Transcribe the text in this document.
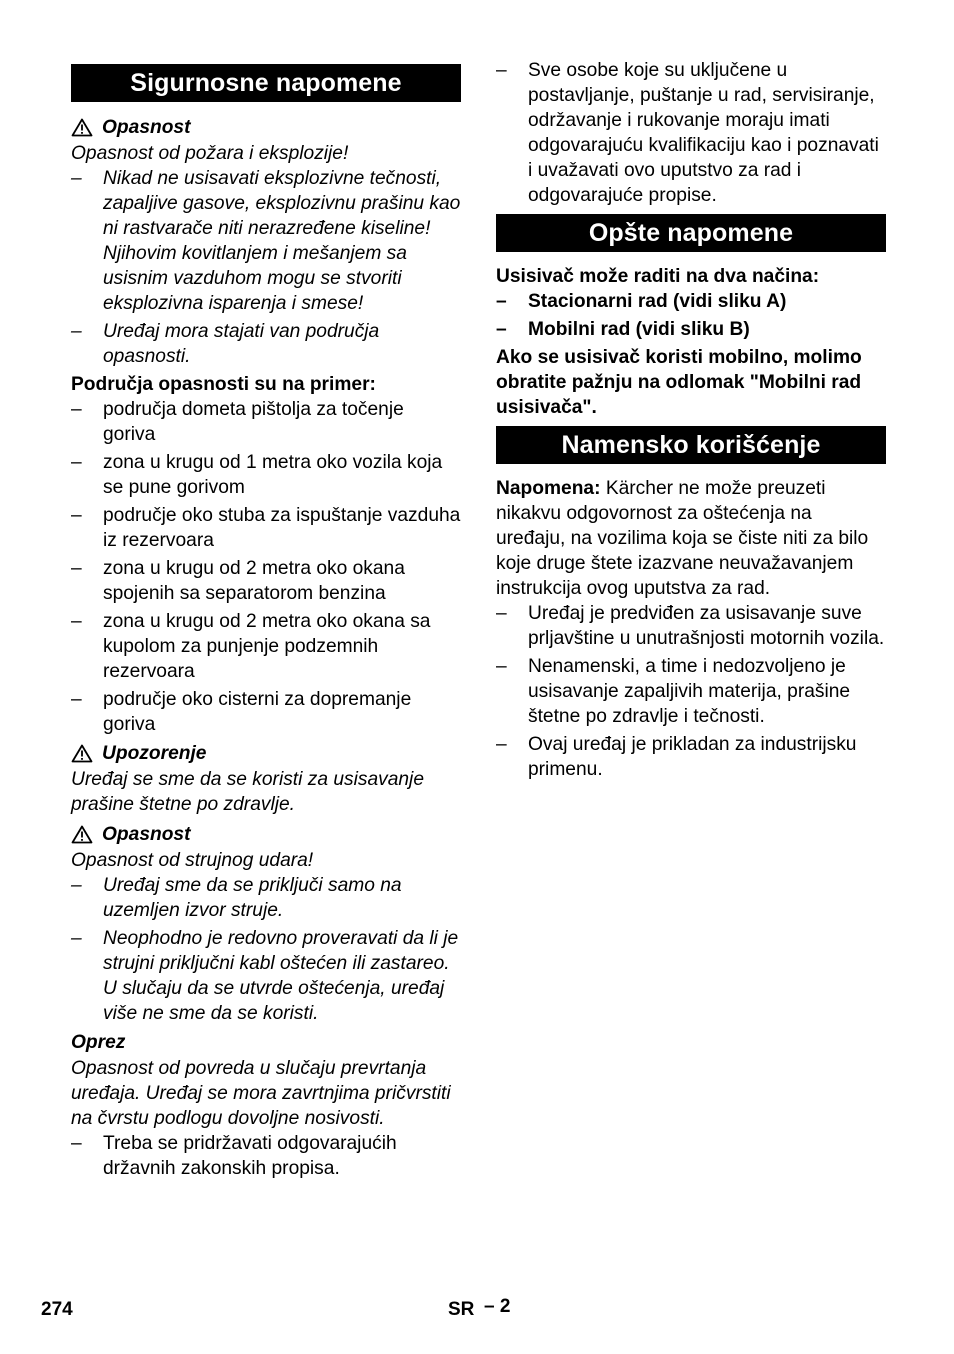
Sigurnosne napomene
Opasnost

Opasnost od požara i eksplozije!

– Nikad ne usisavati eksplozivne tečnosti, zapaljive gasove, eksplozivnu prašinu kao ni rastvarače niti nerazređene kiseline! Njihovim kovitlanjem i mešanjem sa usisnim vazduhom mogu se stvoriti eksplozivna isparenja i smese!
– Uređaj mora stajati van područja opasnosti.

Područja opasnosti su na primer:

– područja dometa pištolja za točenje goriva
– zona u krugu od 1 metra oko vozila koja se pune gorivom
– područje oko stuba za ispuštanje vazduha iz rezervoara
– zona u krugu od 2 metra oko okana spojenih sa separatorom benzina
– zona u krugu od 2 metra oko okana sa kupolom za punjenje podzemnih rezervoara
– područje oko cisterni za dopremanje goriva
Upozorenje

Uređaj se sme da se koristi za usisavanje prašine štetne po zdravlje.

Opasnost

Opasnost od strujnog udara!

– Uređaj sme da se priključi samo na uzemljen izvor struje.
– Neophodno je redovno proveravati da li je strujni priključni kabl oštećen ili zastareo. U slučaju da se utvrde oštećenja, uređaj više ne sme da se koristi.
Oprez

Opasnost od povreda u slučaju prevrtanja uređaja. Uređaj se mora zavrtnjima pričvrstiti na čvrstu podlogu dovoljne nosivosti.

– Treba se pridržavati odgovarajućih državnih zakonskih propisa.
– Sve osobe koje su uključene u postavljanje, puštanje u rad, servisiranje, održavanje i rukovanje moraju imati odgovarajuću kvalifikaciju kao i poznavati i uvažavati ovo uputstvo za rad i odgovarajuće propise.
Opšte napomene

Usisivač može raditi na dva načina:

– Stacionarni rad (vidi sliku A)
– Mobilni rad (vidi sliku B)

Ako se usisivač koristi mobilno, molimo obratite pažnju na odlomak "Mobilni rad usisivača".

Namensko korišćenje

Napomena: Kärcher ne može preuzeti nikakvu odgovornost za oštećenja na uređaju, na vozilima koja se čiste niti za bilo koje druge štete izazvane neuvažavanjem instrukcija ovog uputstva za rad.

– Uređaj je predviđen za usisavanje suve prljavštine u unutrašnjosti motornih vozila.
– Nenamenski, a time i nedozvoljeno je usisavanje zapaljivih materija, prašine štetne po zdravlje i tečnosti.
– Ovaj uređaj je prikladan za industrijsku primenu.
274	SR – 2
